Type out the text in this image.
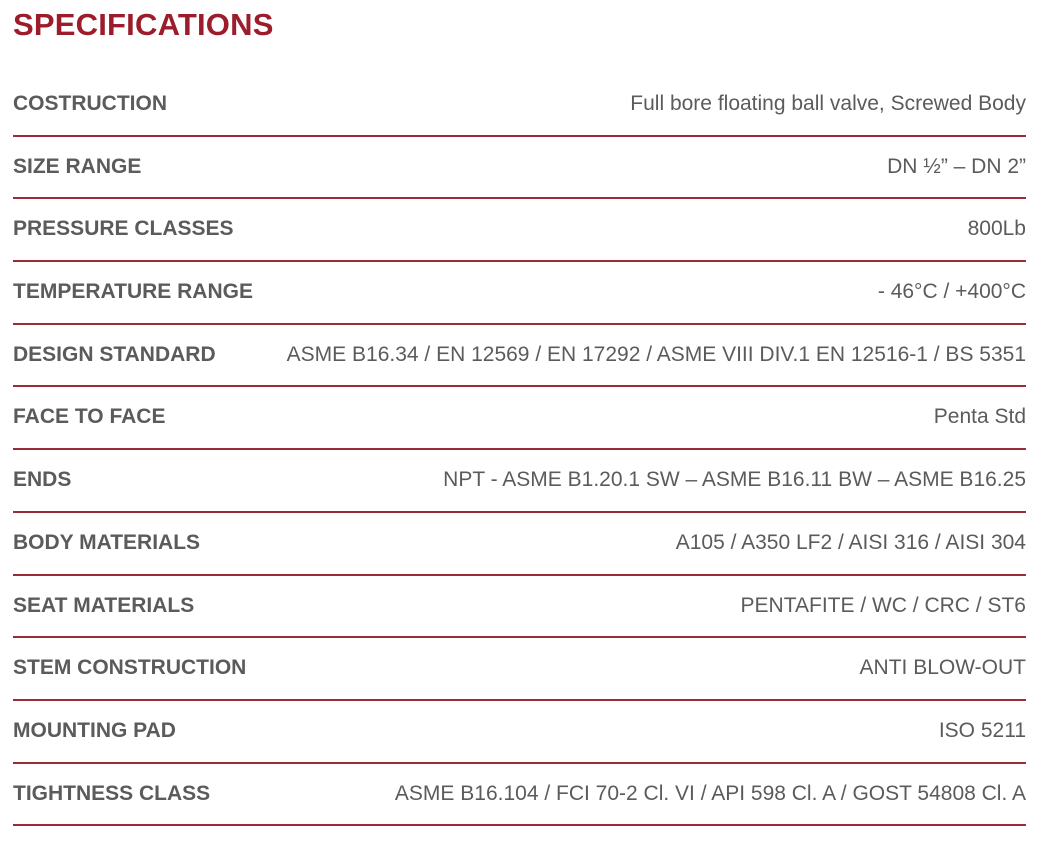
SPECIFICATIONS
COSTRUCTION	Full bore floating ball valve, Screwed Body
SIZE RANGE	DN ½” – DN 2”
PRESSURE CLASSES	800Lb
TEMPERATURE RANGE	- 46°C / +400°C
DESIGN STANDARD	ASME B16.34 / EN 12569 / EN 17292 / ASME VIII DIV.1 EN 12516-1 / BS 5351
FACE TO FACE	Penta Std
ENDS	NPT - ASME B1.20.1 SW – ASME B16.11 BW – ASME B16.25
BODY MATERIALS	A105 / A350 LF2 / AISI 316 / AISI 304
SEAT MATERIALS	PENTAFITE / WC / CRC / ST6
STEM CONSTRUCTION	ANTI BLOW-OUT
MOUNTING PAD	ISO 5211
TIGHTNESS CLASS	ASME B16.104 / FCI 70-2 Cl. VI / API 598 Cl. A / GOST 54808 Cl. A
